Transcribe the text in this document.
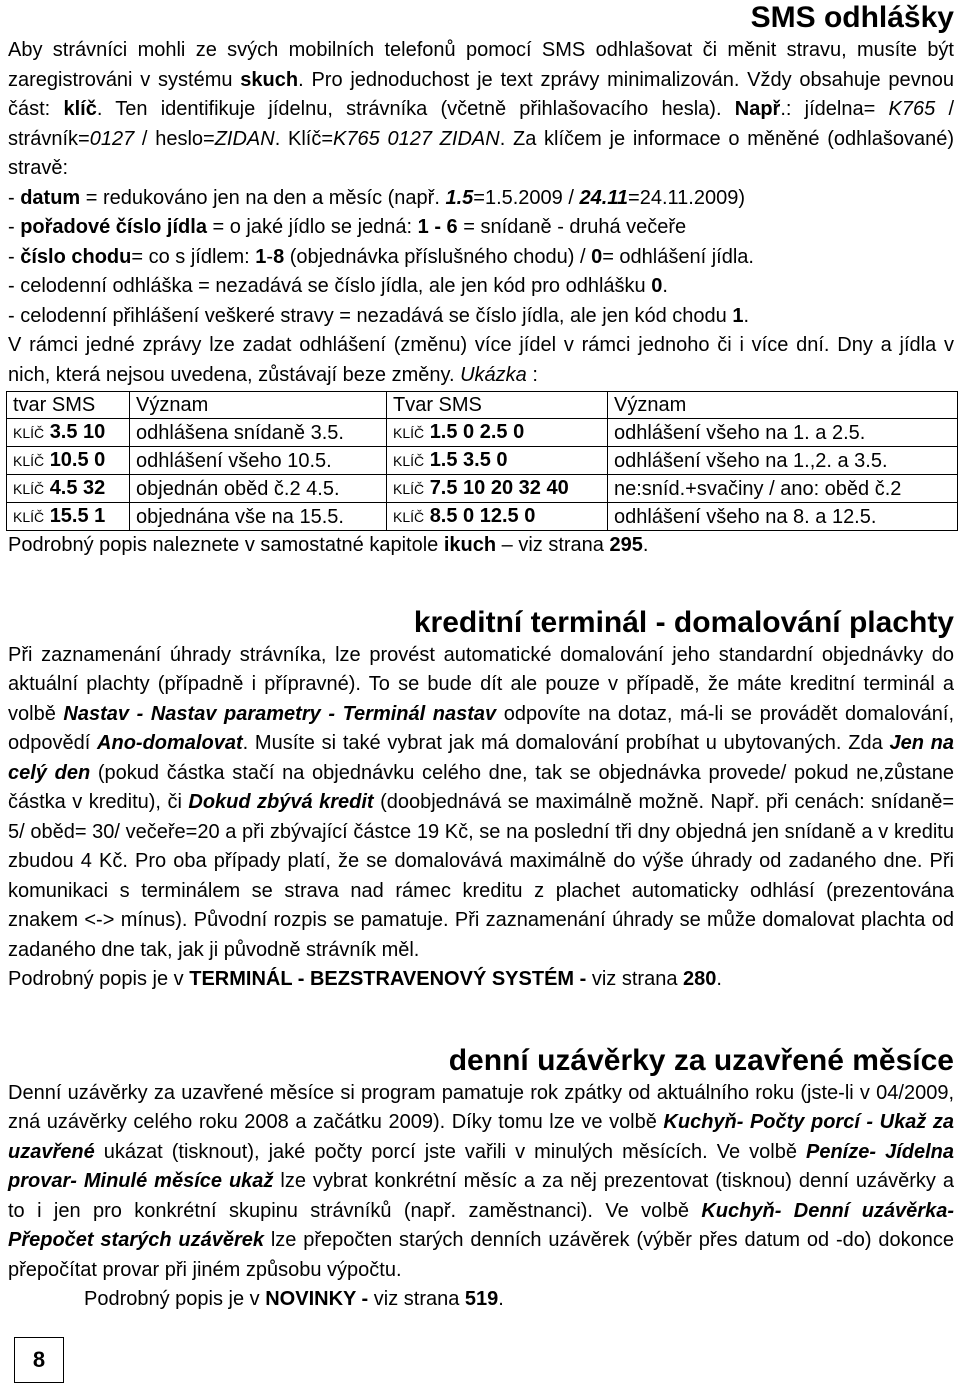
SMS odhlášky

Aby strávníci mohli ze svých mobilních telefonů pomocí SMS odhlašovat či měnit stravu, musíte být zaregistrováni v systému skuch. Pro jednoduchost je text zprávy minimalizován. Vždy obsahuje pevnou část: klíč. Ten identifikuje jídelnu, strávníka (včetně přihlašovacího hesla). Např.: jídelna= K765 / strávník=0127 / heslo=ZIDAN. Klíč=K765 0127 ZIDAN. Za klíčem je informace o měněné (odhlašované) stravě:

- datum = redukováno jen na den a měsíc (např. 1.5=1.5.2009 / 24.11=24.11.2009)

- pořadové číslo jídla = o jaké jídlo se jedná: 1 - 6 = snídaně - druhá večeře

- číslo chodu= co s jídlem: 1-8 (objednávka příslušného chodu) / 0= odhlášení jídla.

- celodenní odhláška = nezadává se číslo jídla, ale jen kód pro odhlášku 0.

- celodenní přihlášení veškeré stravy = nezadává se číslo jídla, ale jen kód chodu 1.

V rámci jedné zprávy lze zadat odhlášení (změnu) více jídel v rámci jednoho či i více dní. Dny a jídla v nich, která nejsou uvedena, zůstávají beze změny. Ukázka :

tvar SMS	Význam	Tvar SMS	Význam
KLÍČ 3.5 10	odhlášena snídaně 3.5.	KLÍČ 1.5 0 2.5 0	odhlášení všeho na 1. a 2.5.
KLÍČ 10.5 0	odhlášení všeho 10.5.	KLÍČ 1.5 3.5 0	odhlášení všeho na 1.,2. a 3.5.
KLÍČ 4.5 32	objednán oběd č.2 4.5.	KLÍČ 7.5 10 20 32 40	ne:sníd.+svačiny / ano: oběd č.2
KLÍČ 15.5 1	objednána vše na 15.5.	KLÍČ 8.5 0 12.5 0	odhlášení všeho na 8. a 12.5.

Podrobný popis naleznete v samostatné kapitole ikuch – viz strana 295.

kreditní terminál - domalování plachty

Při zaznamenání úhrady strávníka, lze provést automatické domalování jeho standardní objednávky do aktuální plachty (případně i přípravné). To se bude dít ale pouze v případě, že máte kreditní terminál a volbě Nastav - Nastav parametry - Terminál nastav odpovíte na dotaz, má-li se provádět domalování, odpovědí Ano-domalovat. Musíte si také vybrat jak má domalování probíhat u ubytovaných. Zda Jen na celý den (pokud částka stačí na objednávku celého dne, tak se objednávka provede/ pokud ne,zůstane částka v kreditu), či Dokud zbývá kredit (doobjednává se maximálně možně. Např. při cenách: snídaně= 5/ oběd= 30/ večeře=20 a při zbývající částce 19 Kč, se na poslední tři dny objedná jen snídaně a v kreditu zbudou 4 Kč. Pro oba případy platí, že se domalovává maximálně do výše úhrady od zadaného dne. Při komunikaci s terminálem se strava nad rámec kreditu z plachet automaticky odhlásí (prezentována znakem <-> mínus). Původní rozpis se pamatuje. Při zaznamenání úhrady se může domalovat plachta od zadaného dne tak, jak ji původně strávník měl.

Podrobný popis je v TERMINÁL - BEZSTRAVENOVÝ SYSTÉM - viz strana 280.

denní uzávěrky za uzavřené měsíce

Denní uzávěrky za uzavřené měsíce si program pamatuje rok zpátky od aktuálního roku (jste-li v 04/2009, zná uzávěrky celého roku 2008 a začátku 2009). Díky tomu lze ve volbě Kuchyň- Počty porcí - Ukaž za uzavřené ukázat (tisknout), jaké počty porcí jste vařili v minulých měsících. Ve volbě Peníze- Jídelna provar- Minulé měsíce ukaž lze vybrat konkrétní měsíc a za něj prezentovat (tisknou) denní uzávěrky a to i jen pro konkrétní skupinu strávníků (např. zaměstnanci). Ve volbě Kuchyň- Denní uzávěrka- Přepočet starých uzávěrek lze přepočten starých denních uzávěrek (výběr přes datum od -do) dokonce přepočítat provar při jiném způsobu výpočtu.

Podrobný popis je v NOVINKY - viz strana 519.

8
